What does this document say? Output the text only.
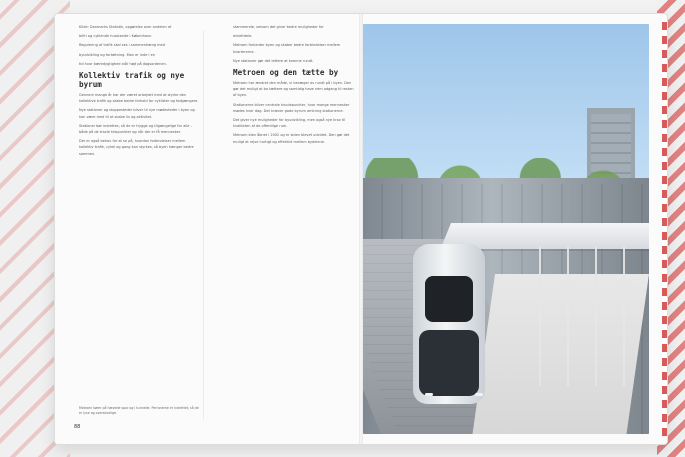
Kilde: Danmarks Statistik, opgørelse over andelen af

bilfri og cyklende husstande i København.

Regulering af trafik skal ses i sammenhæng med

byudvikling og fortætning. Man er inde i en

tid hvor bæredygtighed står højt på dagsordenen.

Kollektiv trafik og nye byrum

Gennem mange år har der været arbejdet med at styrke den kollektive trafik og skabe bedre forhold for cyklister og fodgængere.

Nye stationer og stoppesteder bliver til nye mødesteder i byen og kan være med til at skabe liv og aktivitet.

Stationer bør indrettes, så de er trygge og tilgængelige for alle – både på de travle tidspunkter og når der er få mennesker.

Der er også behov for at se på, hvordan forbindelser mellem kollektiv trafik, cykel og gang kan styrkes, så byen hænger bedre sammen.

stammende, selvom det giver bedre muligheder for

enkeltdele.

Metroen forbinder byen og skaber bedre forbindelser mellem kvartererne.

Nye stationer gør det lettere at komme rundt.

Metroen og den tætte by

Metroen har ændret den måde, vi bevæger os rundt på i byen. Den gør det muligt at bo tættere og samtidig have nem adgang til resten af byen.

Stationerne bliver centrale knudepunkter, hvor mange mennesker mødes hver dag. Det kræver gode byrum omkring stationerne.

Det giver nye muligheder for byudvikling, men også nye krav til kvaliteten af de offentlige rum.

Metroen blev åbnet i 2002 og er siden blevet udvidet. Den gør det muligt at rejse hurtigt og effektivt mellem bydelene.

Metroen kører på hævede spor og i tunneler. Perronerne er indrettet, så de er lyse og overskuelige.
88
